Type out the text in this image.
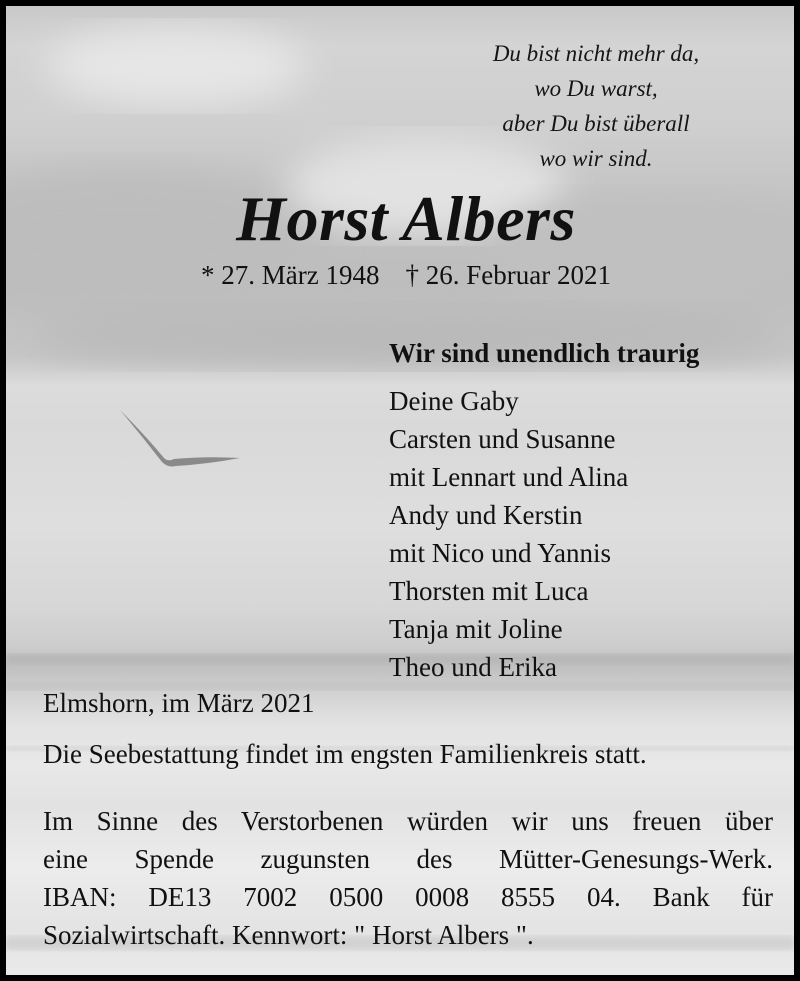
Du bist nicht mehr da,
wo Du warst,
aber Du bist überall
wo wir sind.
Horst Albers
* 27. März 1948 † 26. Februar 2021
Wir sind unendlich traurig
Deine Gaby
Carsten und Susanne
mit Lennart und Alina
Andy und Kerstin
mit Nico und Yannis
Thorsten mit Luca
Tanja mit Joline
Theo und Erika
Elmshorn, im März 2021
Die Seebestattung findet im engsten Familienkreis statt.
Im Sinne des Verstorbenen würden wir uns freuen über
eine Spende zugunsten des Mütter-Genesungs-Werk.
IBAN: DE13 7002 0500 0008 8555 04. Bank für
Sozialwirtschaft. Kennwort: " Horst Albers ".
